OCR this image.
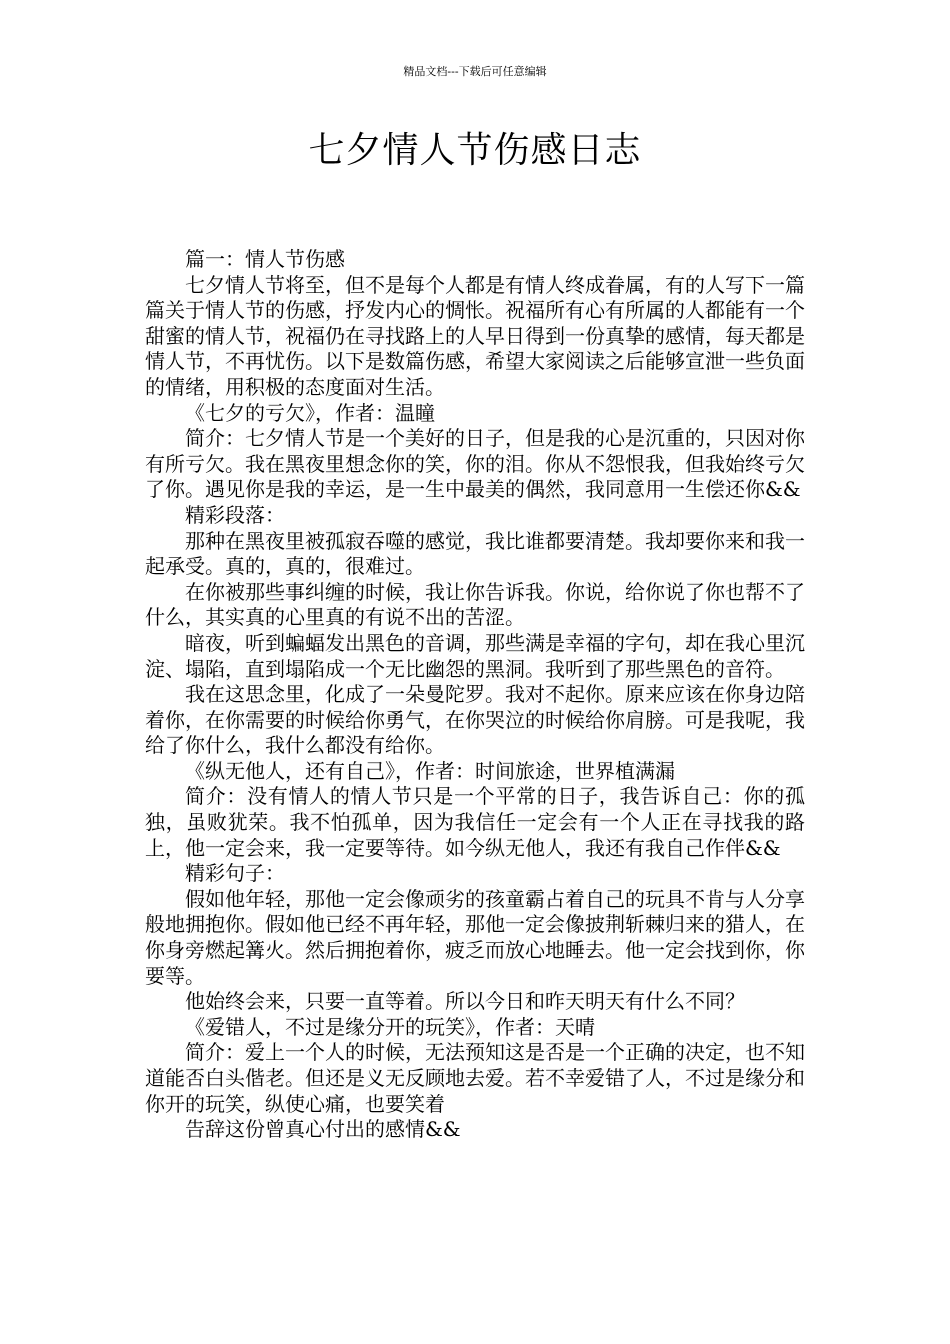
精品文档---下载后可任意编辑
七夕情人节伤感日志

篇一：情人节伤感

七夕情人节将至，但不是每个人都是有情人终成眷属，有的人写下一篇篇关于情人节的伤感，抒发内心的惆怅。祝福所有心有所属的人都能有一个甜蜜的情人节，祝福仍在寻找路上的人早日得到一份真挚的感情，每天都是情人节，不再忧伤。以下是数篇伤感，希望大家阅读之后能够宣泄一些负面的情绪，用积极的态度面对生活。

《七夕的亏欠》，作者：温瞳

简介：七夕情人节是一个美好的日子，但是我的心是沉重的，只因对你有所亏欠。我在黑夜里想念你的笑，你的泪。你从不怨恨我，但我始终亏欠了你。遇见你是我的幸运，是一生中最美的偶然，我同意用一生偿还你&&

精彩段落：

那种在黑夜里被孤寂吞噬的感觉，我比谁都要清楚。我却要你来和我一起承受。真的，真的，很难过。

在你被那些事纠缠的时候，我让你告诉我。你说，给你说了你也帮不了什么，其实真的心里真的有说不出的苦涩。

暗夜，听到蝙蝠发出黑色的音调，那些满是幸福的字句，却在我心里沉淀、塌陷，直到塌陷成一个无比幽怨的黑洞。我听到了那些黑色的音符。

我在这思念里，化成了一朵曼陀罗。我对不起你。原来应该在你身边陪着你，在你需要的时候给你勇气，在你哭泣的时候给你肩膀。可是我呢，我给了你什么，我什么都没有给你。

《纵无他人，还有自己》，作者：时间旅途，世界植满漏

简介：没有情人的情人节只是一个平常的日子，我告诉自己：你的孤独，虽败犹荣。我不怕孤单，因为我信任一定会有一个人正在寻找我的路上，他一定会来，我一定要等待。如今纵无他人，我还有我自己作伴&&

精彩句子：

假如他年轻，那他一定会像顽劣的孩童霸占着自己的玩具不肯与人分享般地拥抱你。假如他已经不再年轻，那他一定会像披荆斩棘归来的猎人，在你身旁燃起篝火。然后拥抱着你，疲乏而放心地睡去。他一定会找到你，你要等。

他始终会来，只要一直等着。所以今日和昨天明天有什么不同？

《爱错人，不过是缘分开的玩笑》，作者：天晴

简介：爱上一个人的时候，无法预知这是否是一个正确的决定，也不知道能否白头偕老。但还是义无反顾地去爱。若不幸爱错了人，不过是缘分和你开的玩笑，纵使心痛，也要笑着

告辞这份曾真心付出的感情&&
